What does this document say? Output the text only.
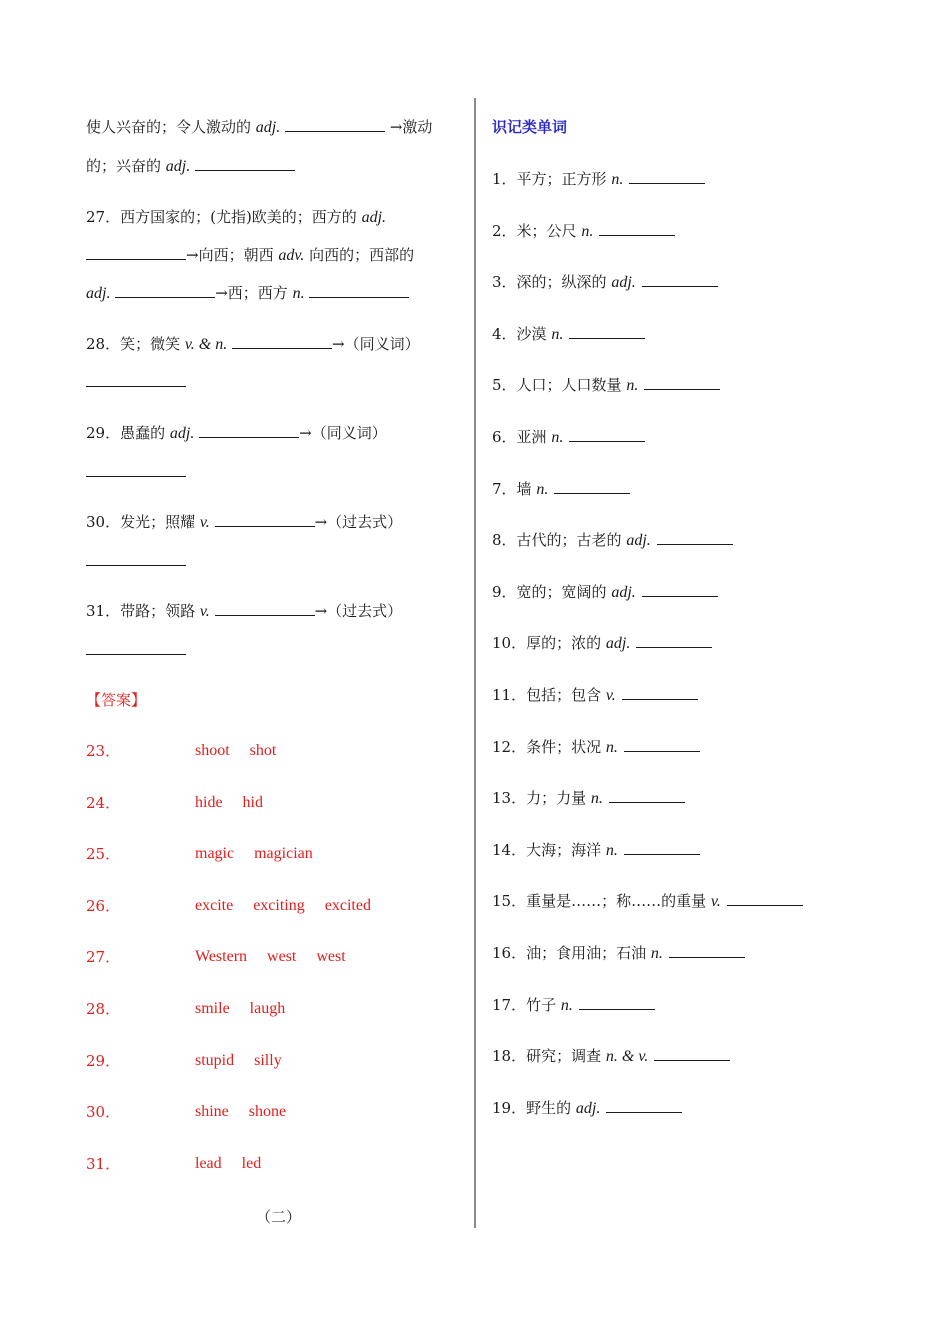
使人兴奋的；令人激动的 adj.	→激动
的；兴奋的 adj.
27．西方国家的；(尤指)欧美的；西方的 adj.
→向西；朝西 adv. 向西的；西部的
adj.	→西；西方 n.
28．笑；微笑 v. & n.	→（同义词）
29．愚蠢的 adj.	→（同义词）
30．发光；照耀 v.	→（过去式）
31．带路；领路 v.	→（过去式）
【答案】
23．	shoot shot
24．	hide hid
25．	magic magician
26．	excite exciting excited
27．	Western west west
28．	smile laugh
29．	stupid silly
30．	shine shone
31．	lead led
（二）
识记类单词
1．平方；正方形 n.
2．米；公尺 n.
3．深的；纵深的 adj.
4．沙漠 n.
5．人口；人口数量 n.
6．亚洲 n.
7．墙 n.
8．古代的；古老的 adj.
9．宽的；宽阔的 adj.
10．厚的；浓的 adj.
11．包括；包含 v.
12．条件；状况 n.
13．力；力量 n.
14．大海；海洋 n.
15．重量是……；称……的重量 v.
16．油；食用油；石油 n.
17．竹子 n.
18．研究；调查 n. & v.
19．野生的 adj.
